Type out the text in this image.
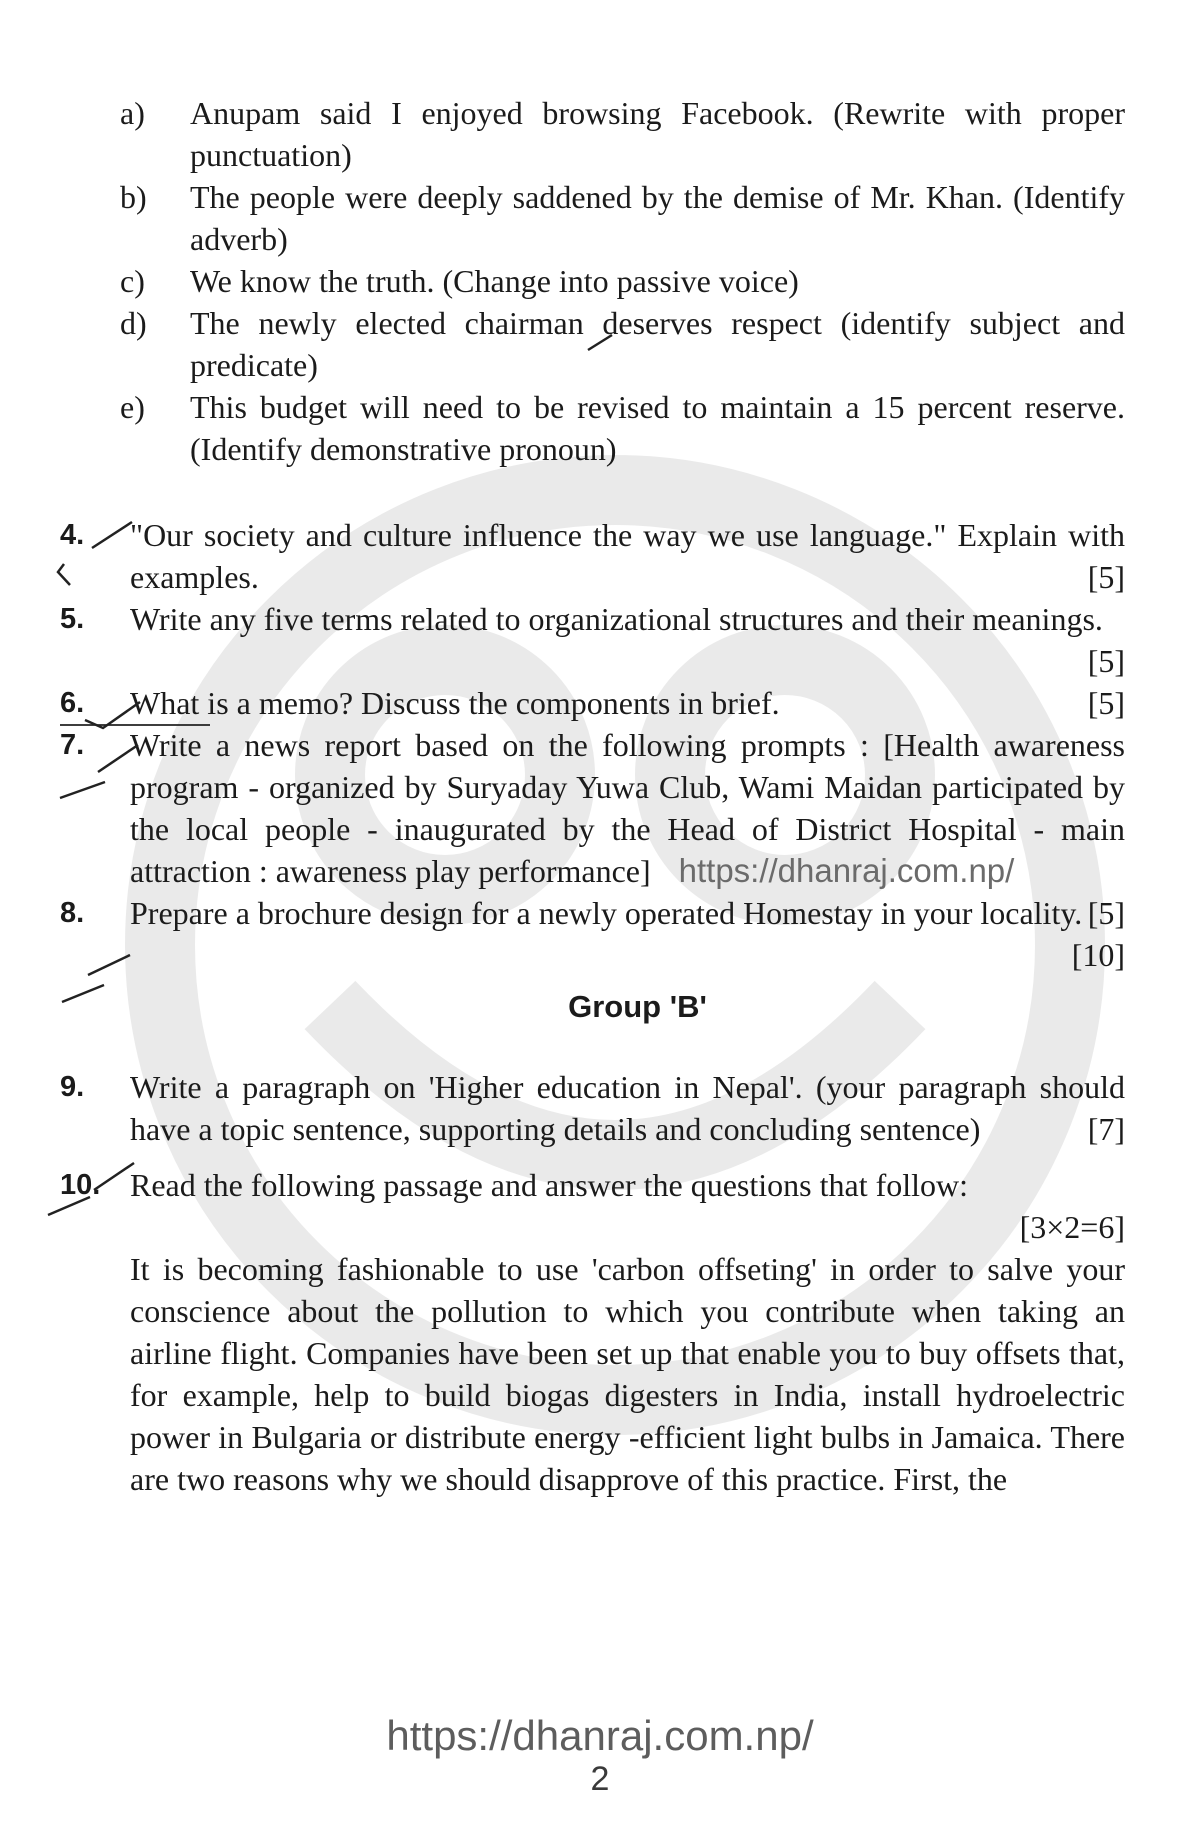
a)	Anupam said I enjoyed browsing Facebook. (Rewrite with proper punctuation)
b)	The people were deeply saddened by the demise of Mr. Khan. (Identify adverb)
c)	We know the truth. (Change into passive voice)
d)	The newly elected chairman deserves respect (identify subject and predicate)
e)	This budget will need to be revised to maintain a 15 percent reserve. (Identify demonstrative pronoun)
4.	"Our society and culture influence the way we use language." Explain with examples.	[5]
5.	Write any five terms related to organizational structures and their meanings.
[5]
6.	What is a memo? Discuss the components in brief.	[5]
7.	Write a news report based on the following prompts : [Health awareness program - organized by Suryaday Yuwa Club, Wami Maidan participated by the local people - inaugurated by the Head of District Hospital - main attraction : awareness play performance] https://dhanraj.com.np/
8.	Prepare a brochure design for a newly operated Homestay in your locality. [5]
[10]
Group 'B'
9.	Write a paragraph on 'Higher education in Nepal'. (your paragraph should have a topic sentence, supporting details and concluding sentence)	[7]
10. Read the following passage and answer the questions that follow:
[3×2=6]
It is becoming fashionable to use 'carbon offseting' in order to salve your conscience about the pollution to which you contribute when taking an airline flight. Companies have been set up that enable you to buy offsets that, for example, help to build biogas digesters in India, install hydroelectric power in Bulgaria or distribute energy -efficient light bulbs in Jamaica. There are two reasons why we should disapprove of this practice. First, the
https://dhanraj.com.np/
2
